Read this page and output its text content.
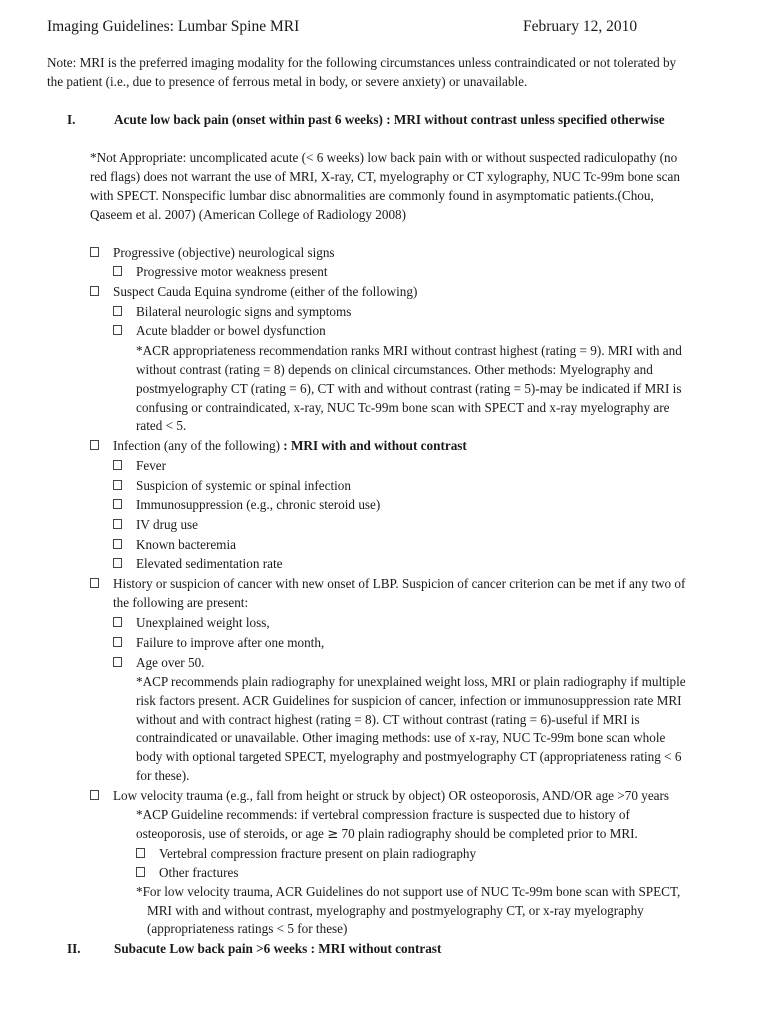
Imaging Guidelines: Lumbar Spine MRI	February 12, 2010
Note: MRI is the preferred imaging modality for the following circumstances unless contraindicated or not tolerated by
the patient (i.e., due to presence of ferrous metal in body, or severe anxiety) or unavailable.
I.	Acute low back pain (onset within past 6 weeks) : MRI without contrast unless specified otherwise
*Not Appropriate: uncomplicated acute (< 6 weeks) low back pain with or without suspected radiculopathy (no
red flags) does not warrant the use of MRI, X-ray, CT, myelography or CT xylography, NUC Tc-99m bone scan
with SPECT. Nonspecific lumbar disc abnormalities are commonly found in asymptomatic patients.(Chou,
Qaseem et al. 2007) (American College of Radiology 2008)
Progressive (objective) neurological signs
Progressive motor weakness present
Suspect Cauda Equina syndrome (either of the following)
Bilateral neurologic signs and symptoms
Acute bladder or bowel dysfunction
*ACR appropriateness recommendation ranks MRI without contrast highest (rating = 9). MRI with and
without contrast (rating = 8) depends on clinical circumstances. Other methods: Myelography and
postmyelography CT (rating = 6), CT with and without contrast (rating = 5)-may be indicated if MRI is
confusing or contraindicated, x-ray, NUC Tc-99m bone scan with SPECT and x-ray myelography are
rated < 5.
Infection (any of the following) : MRI with and without contrast
Fever
Suspicion of systemic or spinal infection
Immunosuppression (e.g., chronic steroid use)
IV drug use
Known bacteremia
Elevated sedimentation rate
History or suspicion of cancer with new onset of LBP. Suspicion of cancer criterion can be met if any two of
the following are present:
Unexplained weight loss,
Failure to improve after one month,
Age over 50.
*ACP recommends plain radiography for unexplained weight loss, MRI or plain radiography if multiple
risk factors present. ACR Guidelines for suspicion of cancer, infection or immunosuppression rate MRI
without and with contract highest (rating = 8). CT without contrast (rating = 6)-useful if MRI is
contraindicated or unavailable. Other imaging methods: use of x-ray, NUC Tc-99m bone scan whole
body with optional targeted SPECT, myelography and postmyelography CT (appropriateness rating < 6
for these).
Low velocity trauma (e.g., fall from height or struck by object) OR osteoporosis, AND/OR age >70 years
*ACP Guideline recommends: if vertebral compression fracture is suspected due to history of
osteoporosis, use of steroids, or age ≥ 70 plain radiography should be completed prior to MRI.
Vertebral compression fracture present on plain radiography
Other fractures
*For low velocity trauma, ACR Guidelines do not support use of NUC Tc-99m bone scan with SPECT,
MRI with and without contrast, myelography and postmyelography CT, or x-ray myelography
(appropriateness ratings < 5 for these)
II.	Subacute Low back pain >6 weeks : MRI without contrast
